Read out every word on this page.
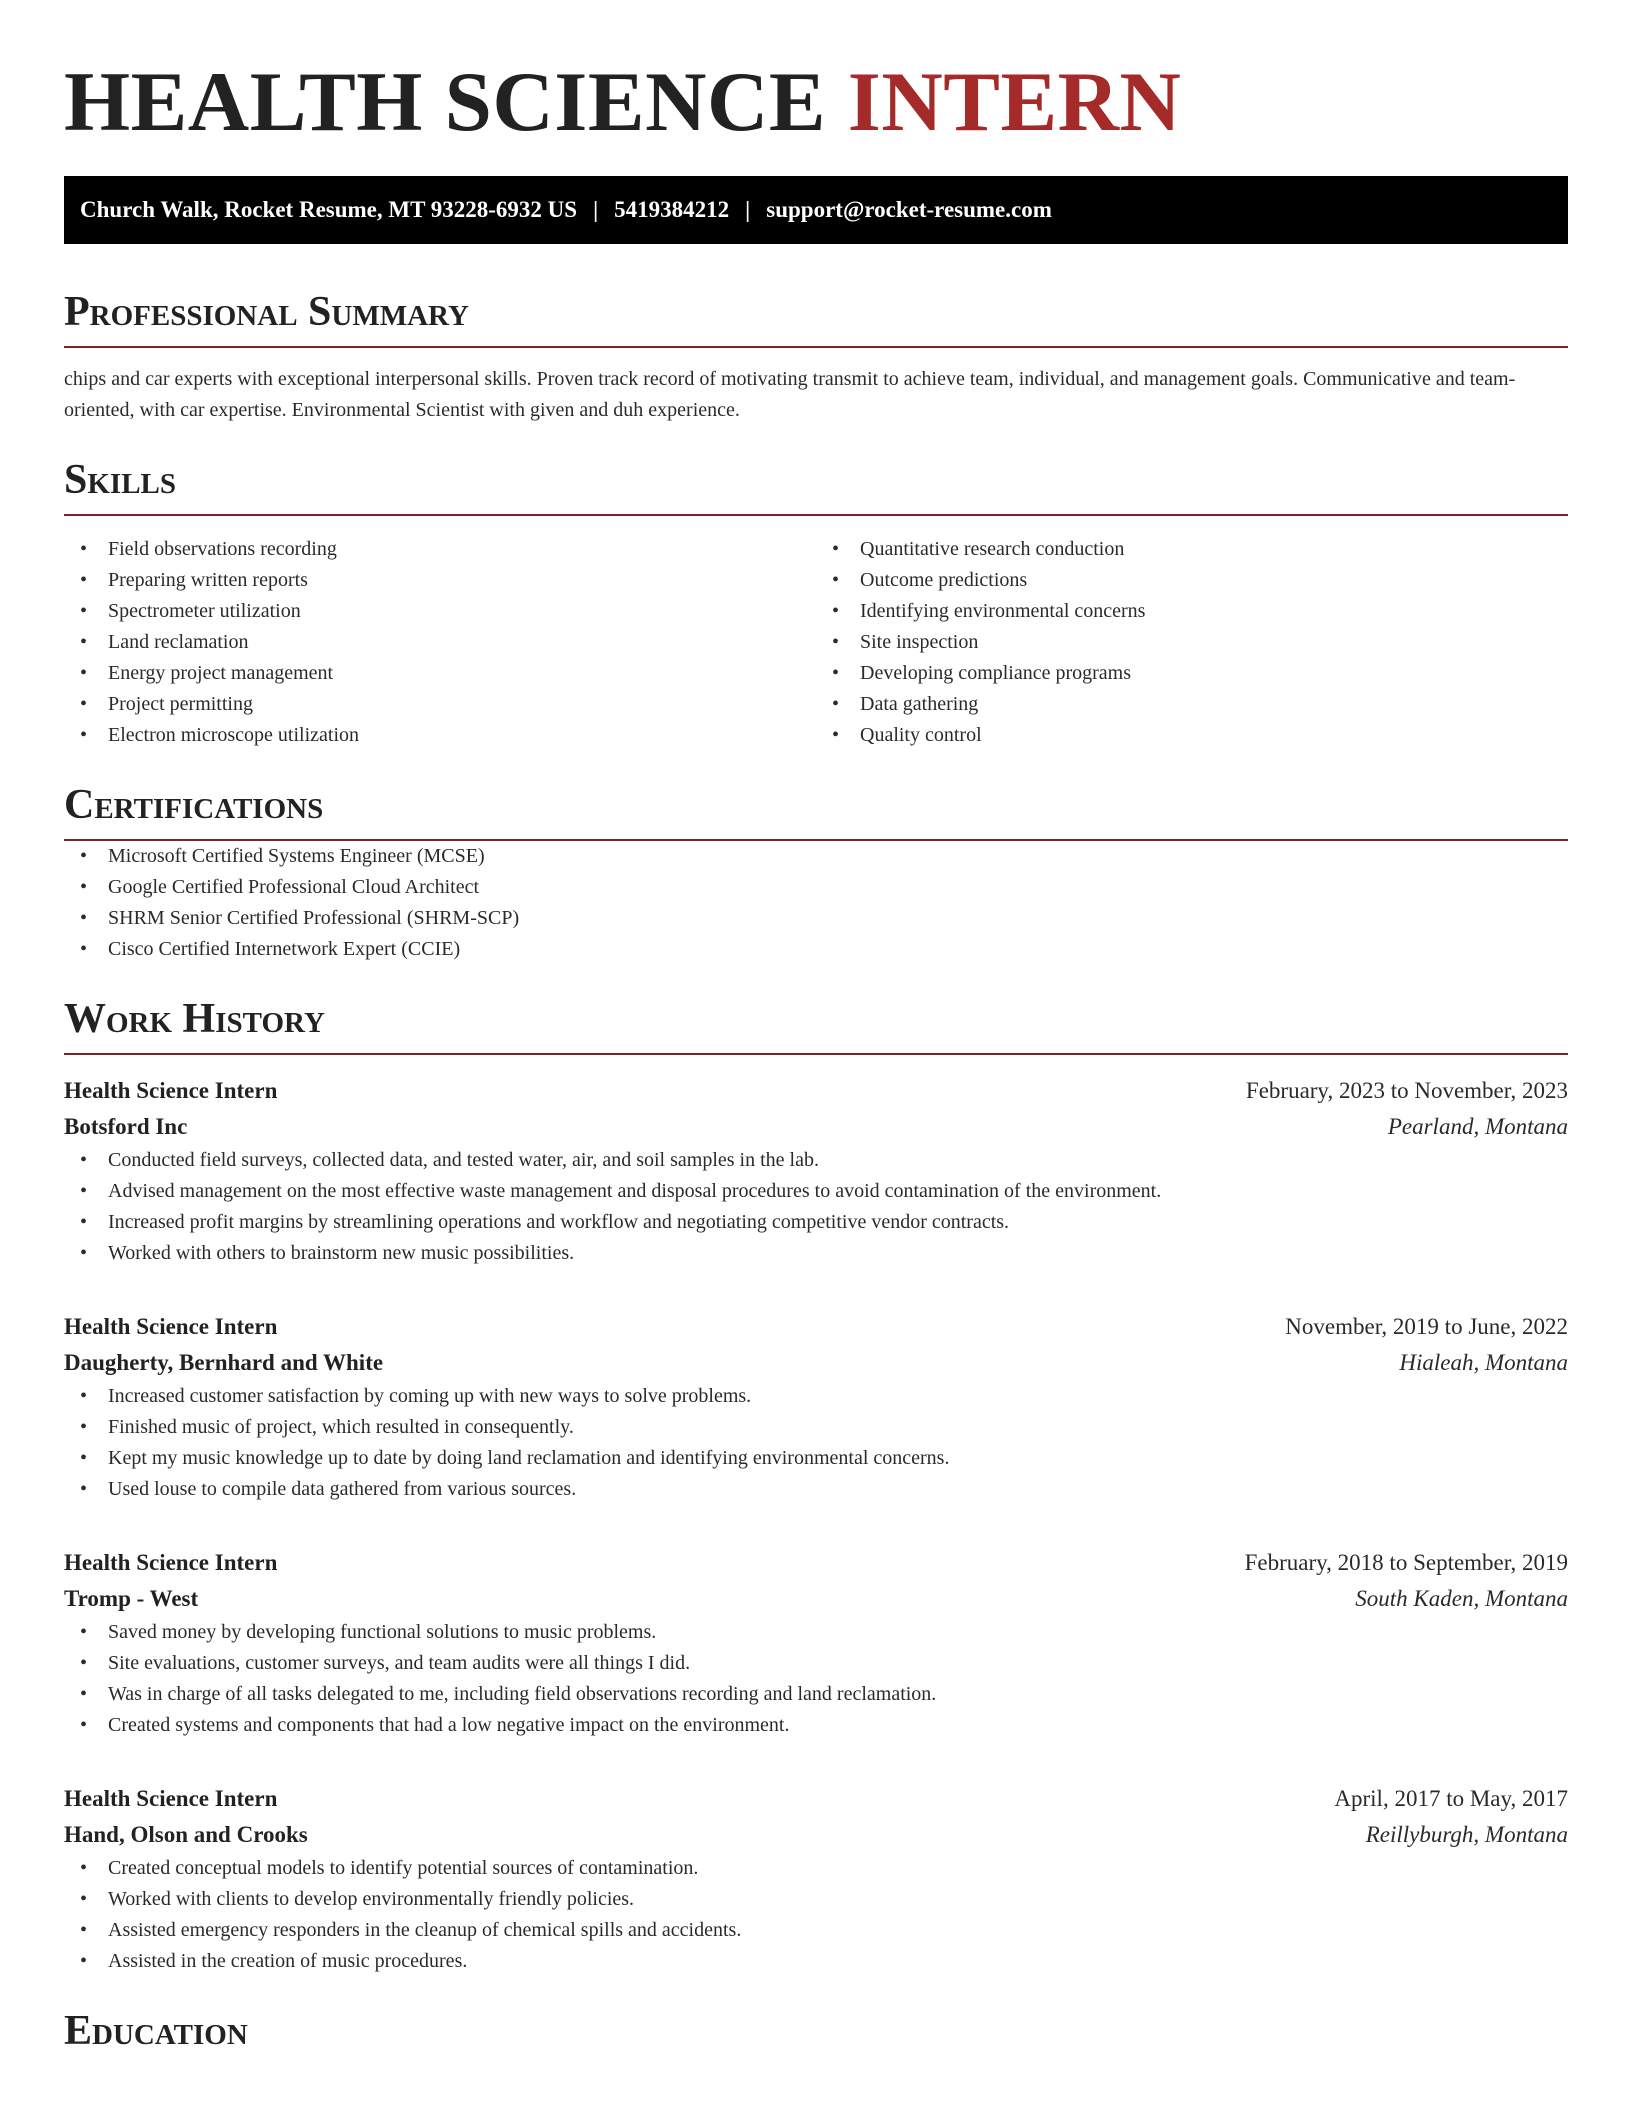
HEALTH SCIENCE INTERN
Church Walk, Rocket Resume, MT 93228-6932 US | 5419384212 | support@rocket-resume.com
Professional Summary

chips and car experts with exceptional interpersonal skills. Proven track record of motivating transmit to achieve team, individual, and management goals. Communicative and team-oriented, with car expertise. Environmental Scientist with given and duh experience.

Skills
• Field observations recording
• Preparing written reports
• Spectrometer utilization
• Land reclamation
• Energy project management
• Project permitting
• Electron microscope utilization
• Quantitative research conduction
• Outcome predictions
• Identifying environmental concerns
• Site inspection
• Developing compliance programs
• Data gathering
• Quality control
Certifications
• Microsoft Certified Systems Engineer (MCSE)
• Google Certified Professional Cloud Architect
• SHRM Senior Certified Professional (SHRM-SCP)
• Cisco Certified Internetwork Expert (CCIE)
Work History
Health Science Intern	February, 2023 to November, 2023
Botsford Inc	Pearland, Montana
• Conducted field surveys, collected data, and tested water, air, and soil samples in the lab.
• Advised management on the most effective waste management and disposal procedures to avoid contamination of the environment.
• Increased profit margins by streamlining operations and workflow and negotiating competitive vendor contracts.
• Worked with others to brainstorm new music possibilities.
Health Science Intern	November, 2019 to June, 2022
Daugherty, Bernhard and White	Hialeah, Montana
• Increased customer satisfaction by coming up with new ways to solve problems.
• Finished music of project, which resulted in consequently.
• Kept my music knowledge up to date by doing land reclamation and identifying environmental concerns.
• Used louse to compile data gathered from various sources.
Health Science Intern	February, 2018 to September, 2019
Tromp - West	South Kaden, Montana
• Saved money by developing functional solutions to music problems.
• Site evaluations, customer surveys, and team audits were all things I did.
• Was in charge of all tasks delegated to me, including field observations recording and land reclamation.
• Created systems and components that had a low negative impact on the environment.
Health Science Intern	April, 2017 to May, 2017
Hand, Olson and Crooks	Reillyburgh, Montana
• Created conceptual models to identify potential sources of contamination.
• Worked with clients to develop environmentally friendly policies.
• Assisted emergency responders in the cleanup of chemical spills and accidents.
• Assisted in the creation of music procedures.
Education
